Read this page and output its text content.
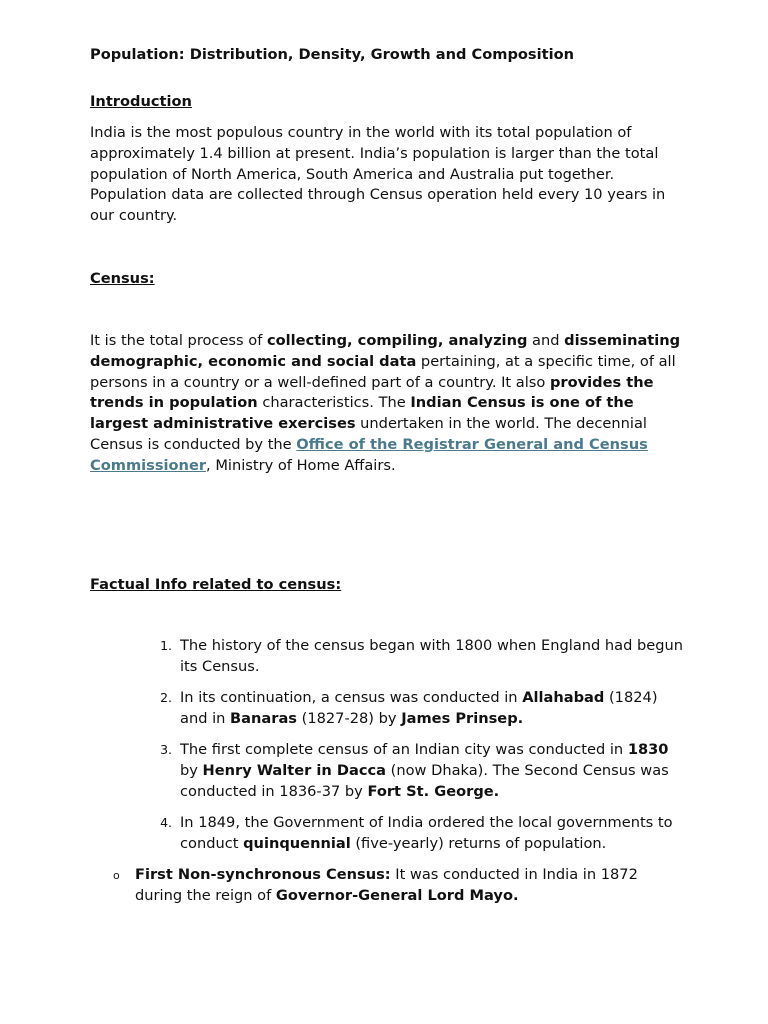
Population: Distribution, Density, Growth and Composition
Introduction
India is the most populous country in the world with its total population of approximately 1.4 billion at present. India’s population is larger than the total population of North America, South America and Australia put together. Population data are collected through Census operation held every 10 years in our country.
Census:
It is the total process of collecting, compiling, analyzing and disseminating demographic, economic and social data pertaining, at a specific time, of all persons in a country or a well-defined part of a country. It also provides the trends in population characteristics. The Indian Census is one of the largest administrative exercises undertaken in the world. The decennial Census is conducted by the Office of the Registrar General and Census Commissioner, Ministry of Home Affairs.
Factual Info related to census:
1. The history of the census began with 1800 when England had begun its Census.
2. In its continuation, a census was conducted in Allahabad (1824) and in Banaras (1827-28) by James Prinsep.
3. The first complete census of an Indian city was conducted in 1830 by Henry Walter in Dacca (now Dhaka). The Second Census was conducted in 1836-37 by Fort St. George.
4. In 1849, the Government of India ordered the local governments to conduct quinquennial (five-yearly) returns of population.
o First Non-synchronous Census: It was conducted in India in 1872 during the reign of Governor-General Lord Mayo.
